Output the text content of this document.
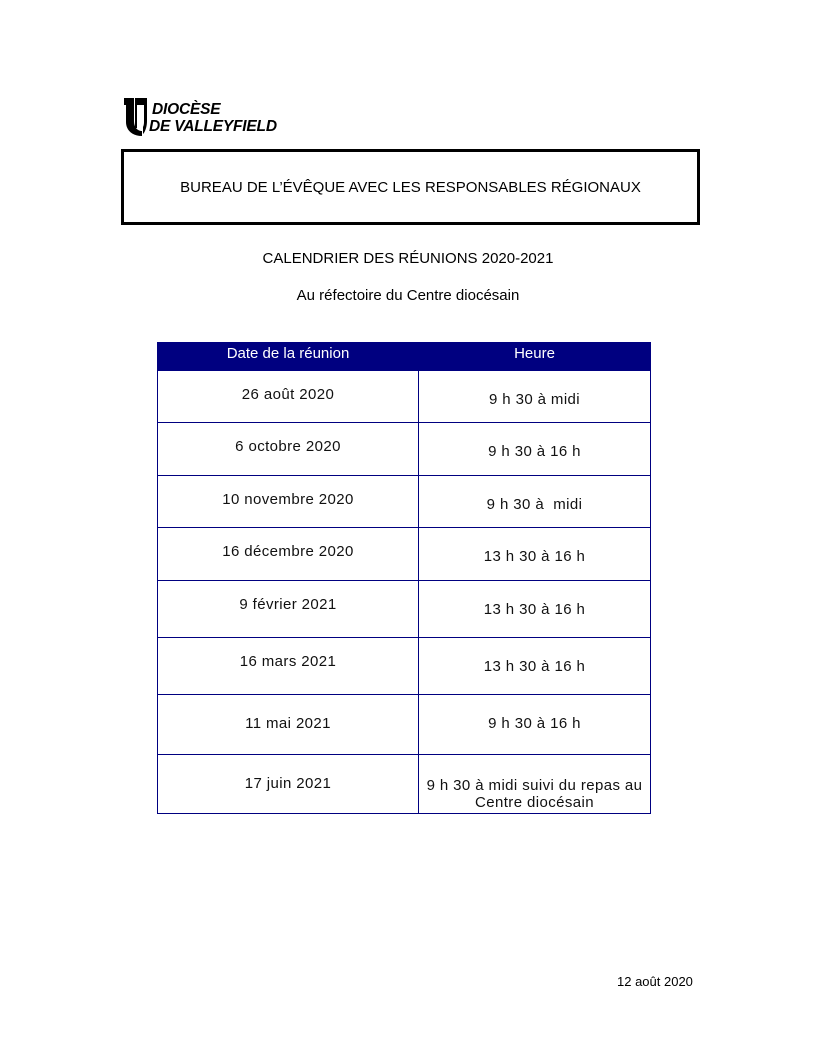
DIOCÈSE
DE VALLEYFIELD
BUREAU DE L’ÉVÊQUE AVEC LES RESPONSABLES RÉGIONAUX
CALENDRIER DES RÉUNIONS 2020-2021
Au réfectoire du Centre diocésain
Date de la réunion	Heure
26 août 2020	9 h 30 à midi
6 octobre 2020	9 h 30 à 16 h
10 novembre 2020	9 h 30 à  midi
16 décembre 2020	13 h 30 à 16 h
9 février 2021	13 h 30 à 16 h
16 mars 2021	13 h 30 à 16 h
11 mai 2021	9 h 30 à 16 h
17 juin 2021	9 h 30 à midi suivi du repas au Centre diocésain
12 août 2020
